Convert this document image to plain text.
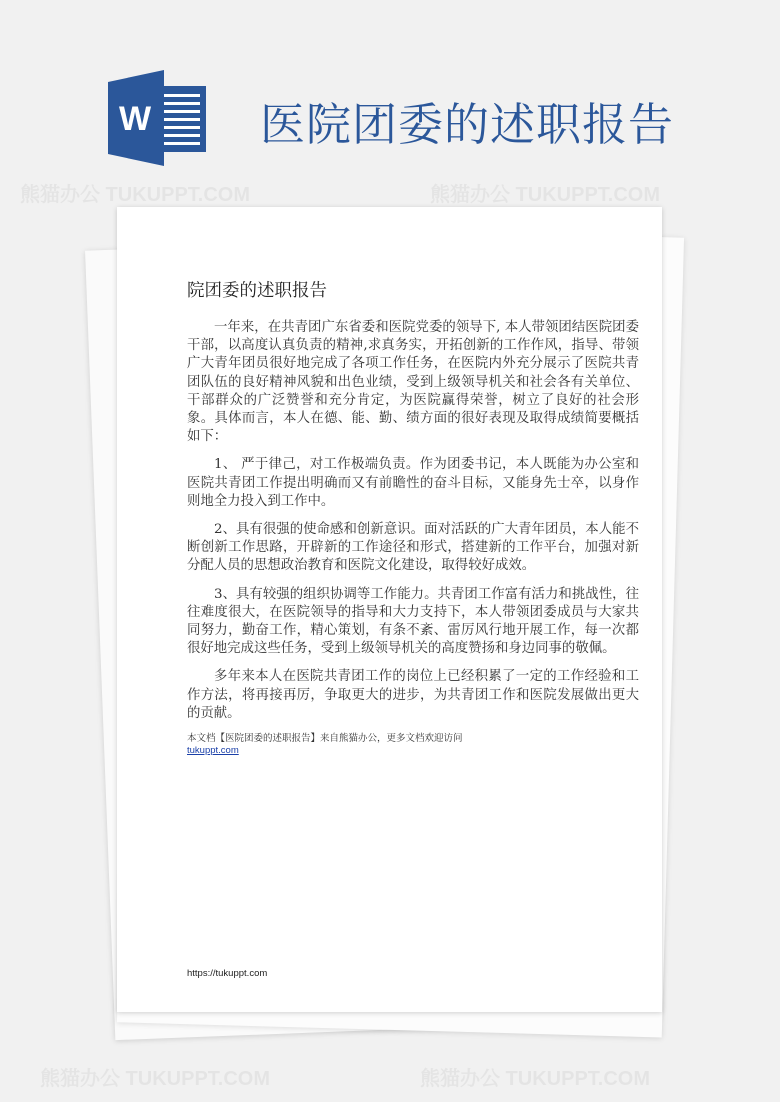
熊猫办公 TUKUPPT.COM	熊猫办公 TUKUPPT.COM
熊猫办公 TUKUPPT.COM	熊猫办公 TUKUPPT.COM
W 医院团委的述职报告
院团委的述职报告

一年来，在共青团广东省委和医院党委的领导下, 本人带领团结医院团委干部，以高度认真负责的精神,求真务实，开拓创新的工作作风，指导、带领广大青年团员很好地完成了各项工作任务，在医院内外充分展示了医院共青团队伍的良好精神风貌和出色业绩，受到上级领导机关和社会各有关单位、干部群众的广泛赞誉和充分肯定，为医院赢得荣誉，树立了良好的社会形象。具体而言，本人在德、能、勤、绩方面的很好表现及取得成绩简要概括如下：

1、 严于律己，对工作极端负责。作为团委书记，本人既能为办公室和医院共青团工作提出明确而又有前瞻性的奋斗目标，又能身先士卒，以身作则地全力投入到工作中。

2、具有很强的使命感和创新意识。面对活跃的广大青年团员，本人能不断创新工作思路，开辟新的工作途径和形式，搭建新的工作平台，加强对新分配人员的思想政治教育和医院文化建设，取得较好成效。

3、具有较强的组织协调等工作能力。共青团工作富有活力和挑战性，往往难度很大，在医院领导的指导和大力支持下，本人带领团委成员与大家共同努力，勤奋工作，精心策划，有条不紊、雷厉风行地开展工作，每一次都很好地完成这些任务，受到上级领导机关的高度赞扬和身边同事的敬佩。

多年来本人在医院共青团工作的岗位上已经积累了一定的工作经验和工作方法，将再接再厉，争取更大的进步，为共青团工作和医院发展做出更大的贡献。

本文档【医院团委的述职报告】来自熊猫办公，更多文档欢迎访问
tukuppt.com
https://tukuppt.com
